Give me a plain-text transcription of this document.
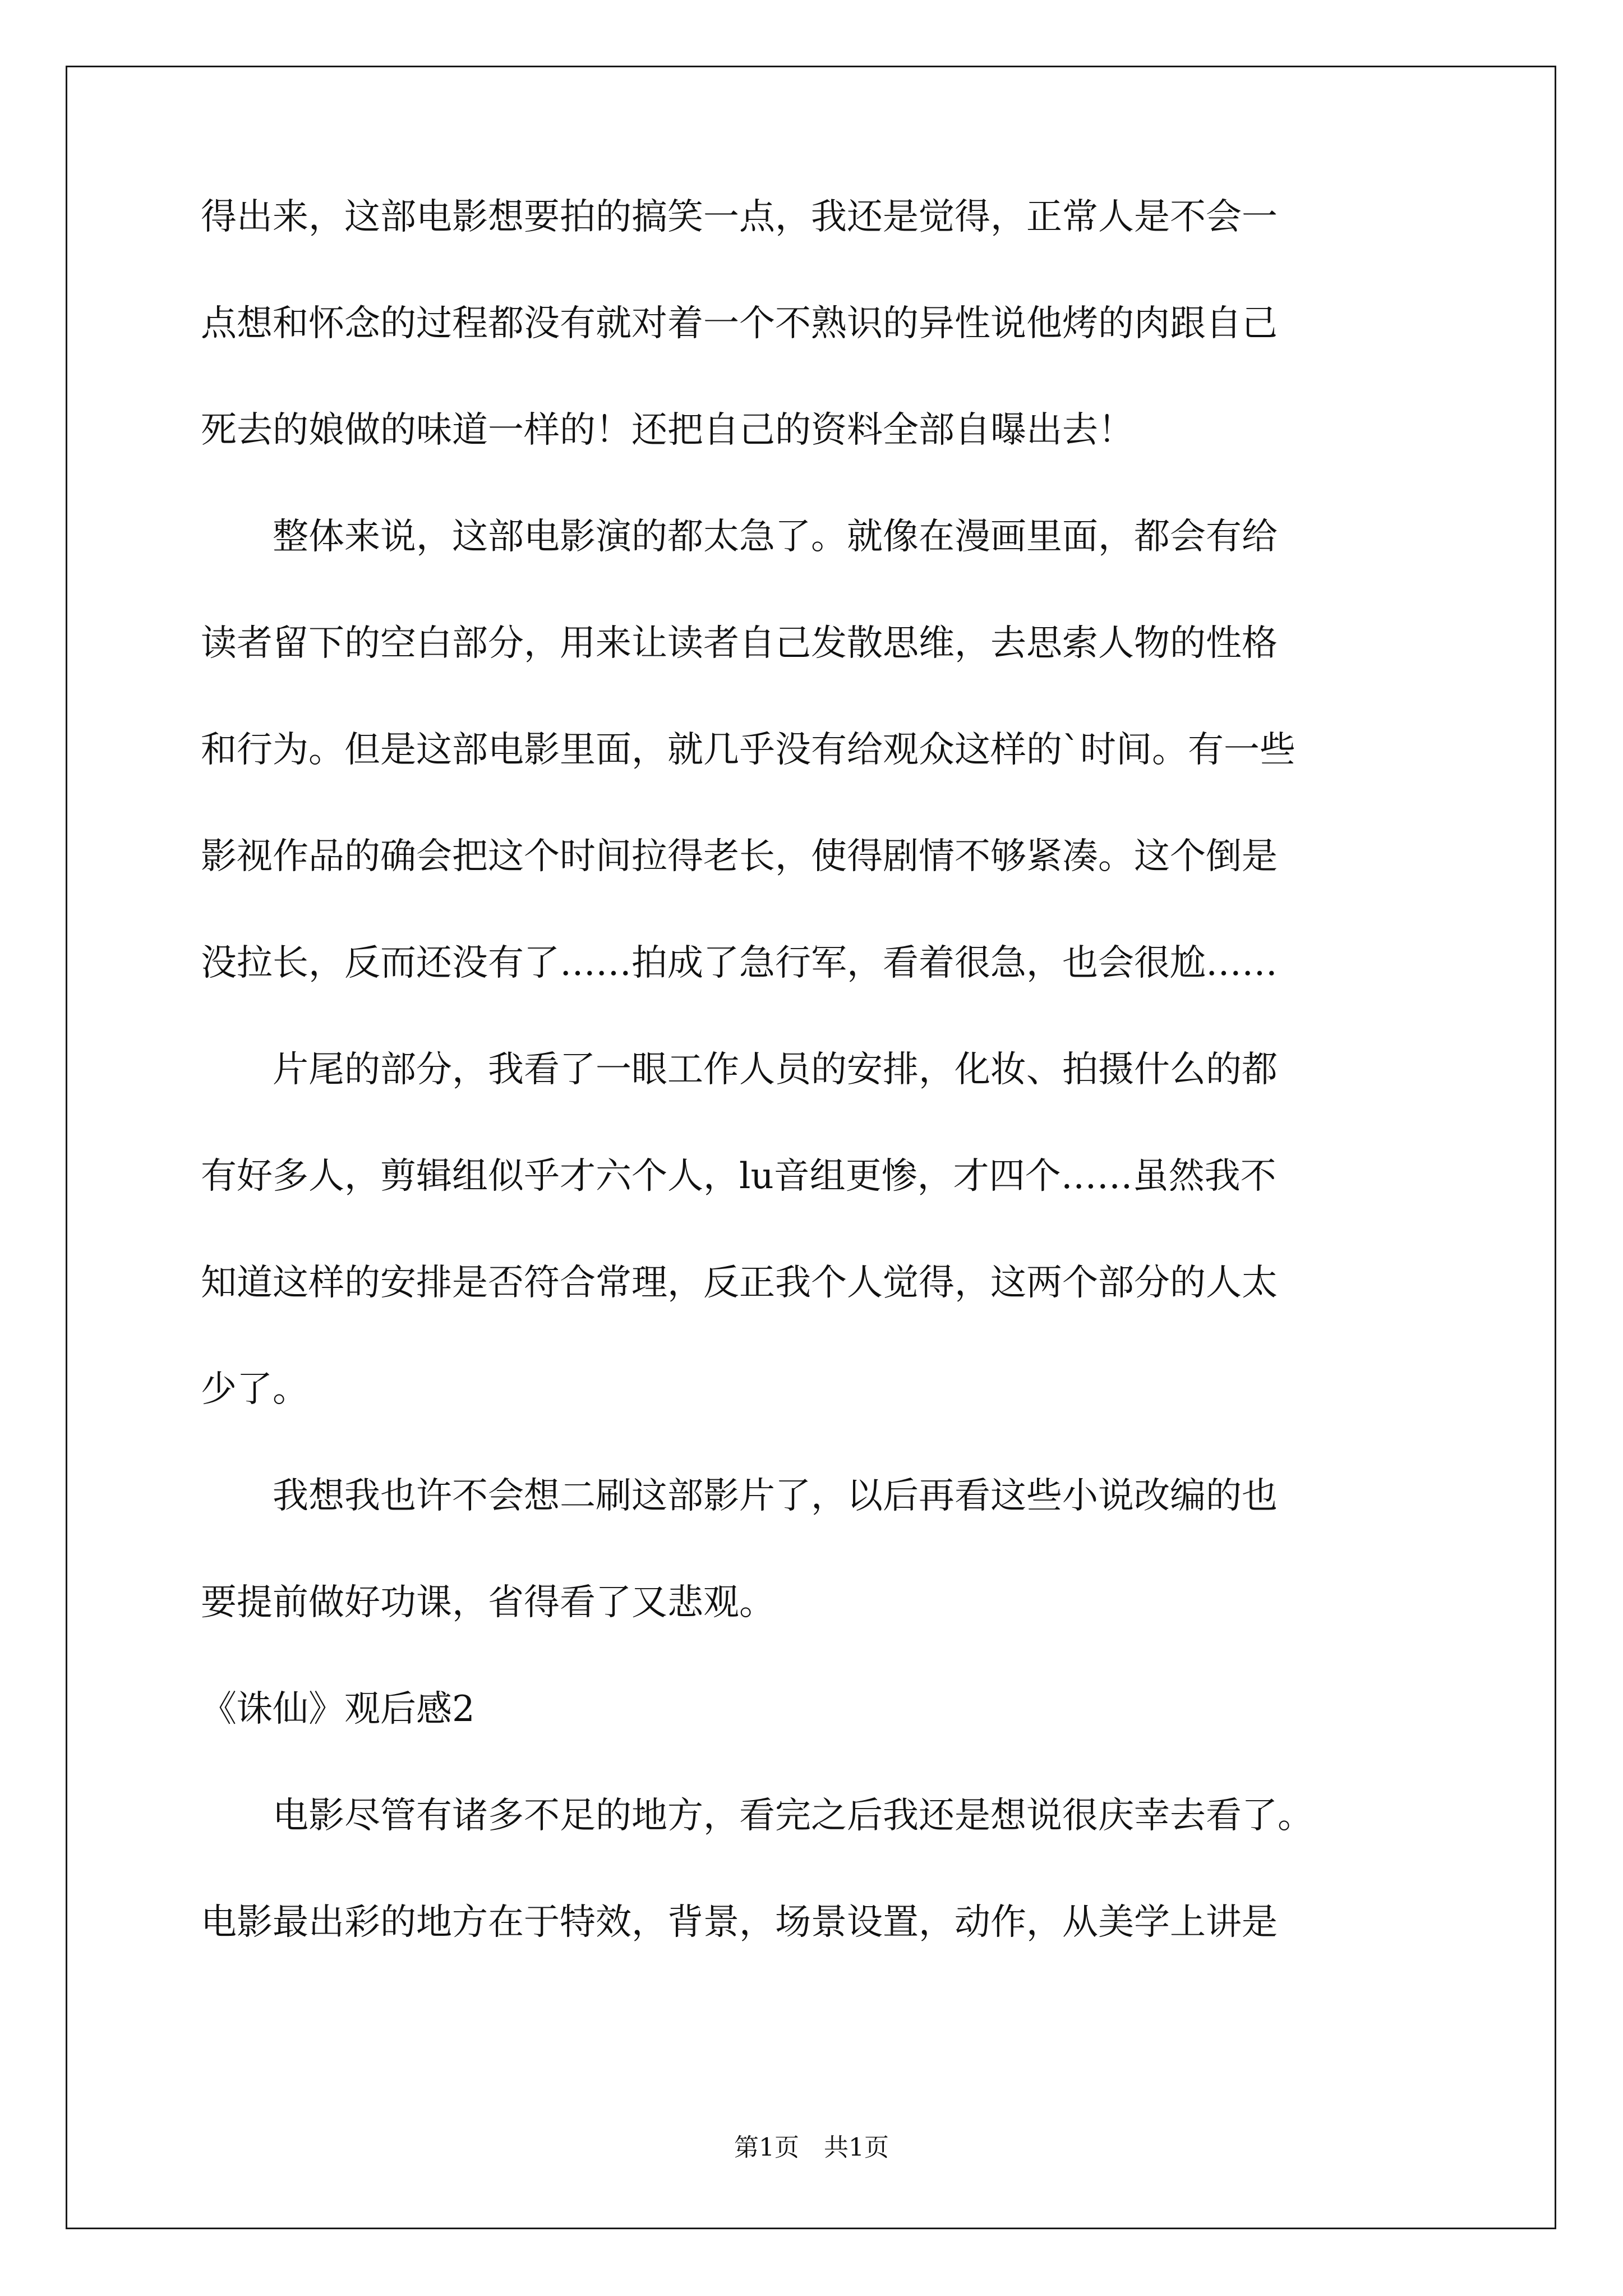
得出来，这部电影想要拍的搞笑一点，我还是觉得，正常人是不会一
点想和怀念的过程都没有就对着一个不熟识的异性说他烤的肉跟自己
死去的娘做的味道一样的！还把自己的资料全部自曝出去！
　　整体来说，这部电影演的都太急了。就像在漫画里面，都会有给
读者留下的空白部分，用来让读者自己发散思维，去思索人物的性格
和行为。但是这部电影里面，就几乎没有给观众这样的`时间。有一些
影视作品的确会把这个时间拉得老长，使得剧情不够紧凑。这个倒是
没拉长，反而还没有了……拍成了急行军，看着很急，也会很尬……
　　片尾的部分，我看了一眼工作人员的安排，化妆、拍摄什么的都
有好多人，剪辑组似乎才六个人，lu音组更惨，才四个……虽然我不
知道这样的安排是否符合常理，反正我个人觉得，这两个部分的人太
少了。
　　我想我也许不会想二刷这部影片了，以后再看这些小说改编的也
要提前做好功课，省得看了又悲观。
《诛仙》观后感2
　　电影尽管有诸多不足的地方，看完之后我还是想说很庆幸去看了。
电影最出彩的地方在于特效，背景，场景设置，动作，从美学上讲是
第1页　共1页
